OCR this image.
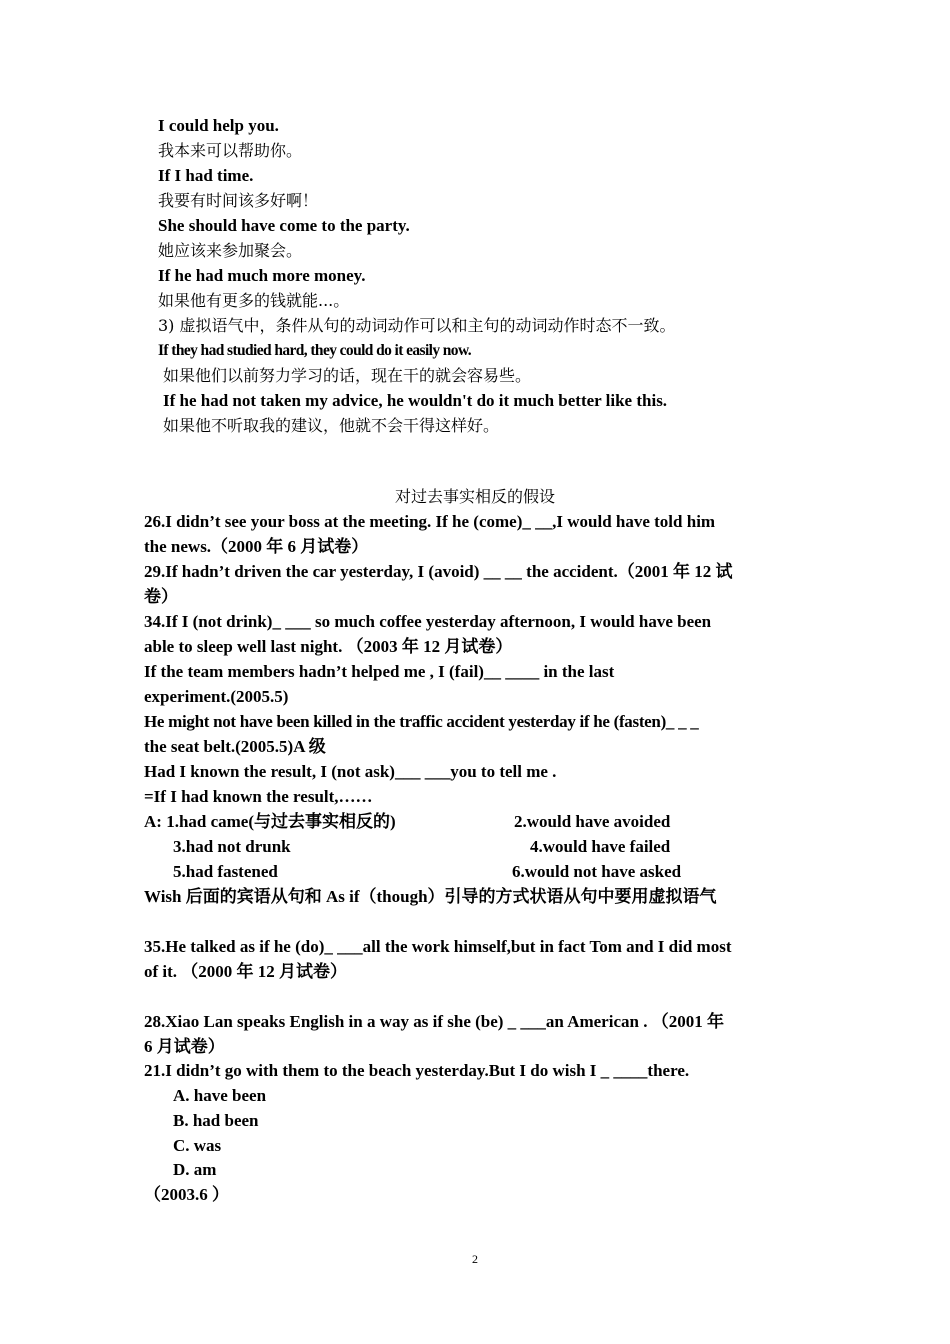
I could help you.
我本来可以帮助你。
If I had time.
我要有时间该多好啊！
She should have come to the party.
她应该来参加聚会。
If he had much more money.
如果他有更多的钱就能...。
3) 虚拟语气中，条件从句的动词动作可以和主句的动词动作时态不一致。
If they had studied hard, they could do it easily now.
如果他们以前努力学习的话，现在干的就会容易些。
If he had not taken my advice, he wouldn't do it much better like this.
如果他不听取我的建议，他就不会干得这样好。
对过去事实相反的假设
26.I didn’t see your boss at the meeting. If he (come)_ __,I would have told him
the news.（2000 年 6 月试卷）
29.If hadn’t driven the car yesterday, I (avoid) __ __ the accident.（2001 年 12 试
卷）
34.If I (not drink)_ ___ so much coffee yesterday afternoon, I would have been
able to sleep well last night. （2003 年 12 月试卷）
If the team members hadn’t helped me , I (fail)__ ____ in the last
experiment.(2005.5)
He might not have been killed in the traffic accident yesterday if he (fasten)_ _ _
the seat belt.(2005.5)A 级
Had I known the result, I (not ask)___ ___you to tell me .
=If I had known the result,……
A: 1.had came(与过去事实相反的)	2.would have avoided
3.had not drunk	4.would have failed
5.had fastened	6.would not have asked
Wish 后面的宾语从句和 As if（though）引导的方式状语从句中要用虚拟语气
35.He talked as if he (do)_ ___all the work himself,but in fact Tom and I did most
of it. （2000 年 12 月试卷）
28.Xiao Lan speaks English in a way as if she (be) _ ___an American . （2001 年
6 月试卷）
21.I didn’t go with them to the beach yesterday.But I do wish I _ ____there.
A. have been
B. had been
C. was
D. am
（2003.6 ）
2
